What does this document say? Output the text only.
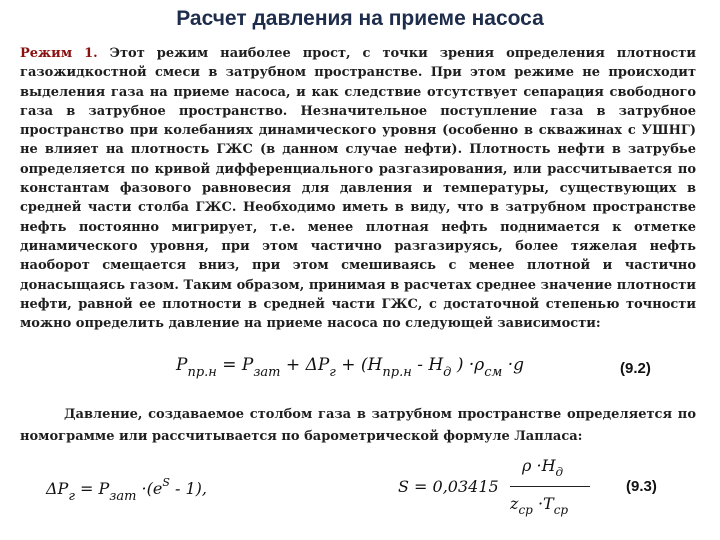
Расчет давления на приеме насоса
Режим 1. Этот режим наиболее прост, с точки зрения определения плотности газожидкостной смеси в затрубном пространстве. При этом режиме не происходит выделения газа на приеме насоса, и как следствие отсутствует сепарация свободного газа в затрубное пространство. Незначительное поступление газа в затрубное пространство при колебаниях динамического уровня (особенно в скважинах с УШНГ) не влияет на плотность ГЖС (в данном случае нефти). Плотность нефти в затрубье определяется по кривой дифференциального разгазирования, или рассчитывается по константам фазового равновесия для давления и температуры, существующих в средней части столба ГЖС. Необходимо иметь в виду, что в затрубном пространстве нефть постоянно мигрирует, т.е. менее плотная нефть поднимается к отметке динамического уровня, при этом частично разгазируясь, более тяжелая нефть наоборот смещается вниз, при этом смешиваясь с менее плотной и частично донасыщаясь газом. Таким образом, принимая в расчетах среднее значение плотности нефти, равной ее плотности в средней части ГЖС, с достаточной степенью точности можно определить давление на приеме насоса по следующей зависимости:
$P_{пр.н} = P_{зат} + \Delta P_г + (H_{пр.н} - H_д$ ) $\cdot\rho_{см} \cdot g$	(9.2)
Давление, создаваемое столбом газа в затрубном пространстве определяется по номограмме или рассчитывается по барометрической формуле Лапласа:
$\Delta P_г = P_{зат} \cdot(e^S - 1)$,	S = 0,03415
$\rho \cdot H_д$
$z_{ср} \cdot T_{ср}$
(9.3)
